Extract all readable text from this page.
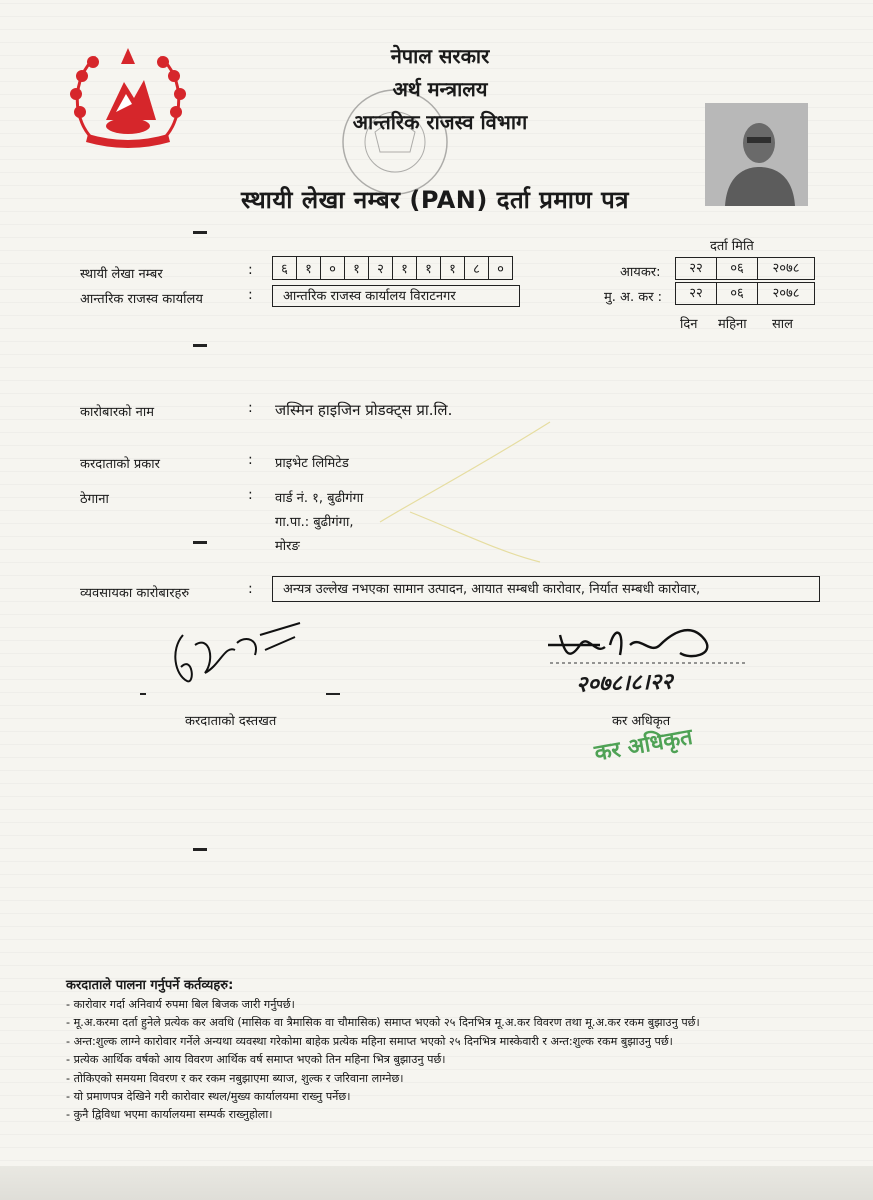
नेपाल सरकार
अर्थ मन्त्रालय
आन्तरिक राजस्व विभाग
स्थायी लेखा नम्बर (PAN) दर्ता प्रमाण पत्र
स्थायी लेखा नम्बर	:	६	१	०	१	२	१	१	१	८	०
आन्तरिक राजस्व कार्यालय	:	आन्तरिक राजस्व कार्यालय विराटनगर
दर्ता मिति
आयकर:	२२	०६	२०७८
मु. अ. कर :	२२	०६	२०७८
दिन महिना साल
कारोबारको नाम	: जस्मिन हाइजिन प्रोडक्ट्स प्रा.लि.
करदाताको प्रकार	: प्राइभेट लिमिटेड
ठेगाना	: वार्ड नं. १, बुढीगंगा
गा.पा.: बुढीगंगा,
मोरङ
व्यवसायका कारोबारहरु	:	अन्यत्र उल्लेख नभएका सामान उत्पादन, आयात सम्बधी कारोवार, निर्यात सम्बधी कारोवार,
करदाताको दस्तखत
२०७८।८।२२
कर अधिकृत
कर अधिकृत
करदाताले पालना गर्नुपर्ने कर्तव्यहरु:
- कारोवार गर्दा अनिवार्य रुपमा बिल बिजक जारी गर्नुपर्छ।
- मू.अ.करमा दर्ता हुनेले प्रत्येक कर अवधि (मासिक वा त्रैमासिक वा चौमासिक) समाप्त भएको २५ दिनभित्र मू.अ.कर विवरण तथा मू.अ.कर रकम बुझाउनु पर्छ।
- अन्त:शुल्क लाग्ने कारोवार गर्नेले अन्यथा व्यवस्था गरेकोमा बाहेक प्रत्येक महिना समाप्त भएको २५ दिनभित्र मास्केवारी र अन्त:शुल्क रकम बुझाउनु पर्छ।
- प्रत्येक आर्थिक वर्षको आय विवरण आर्थिक वर्ष समाप्त भएको तिन महिना भित्र बुझाउनु पर्छ।
- तोकिएको समयमा विवरण र कर रकम नबुझाएमा ब्याज, शुल्क र जरिवाना लाग्नेछ।
- यो प्रमाणपत्र देखिने गरी कारोवार स्थल/मुख्य कार्यालयमा राख्नु पर्नेछ।
- कुनै द्विविधा भएमा कार्यालयमा सम्पर्क राख्नुहोला।
